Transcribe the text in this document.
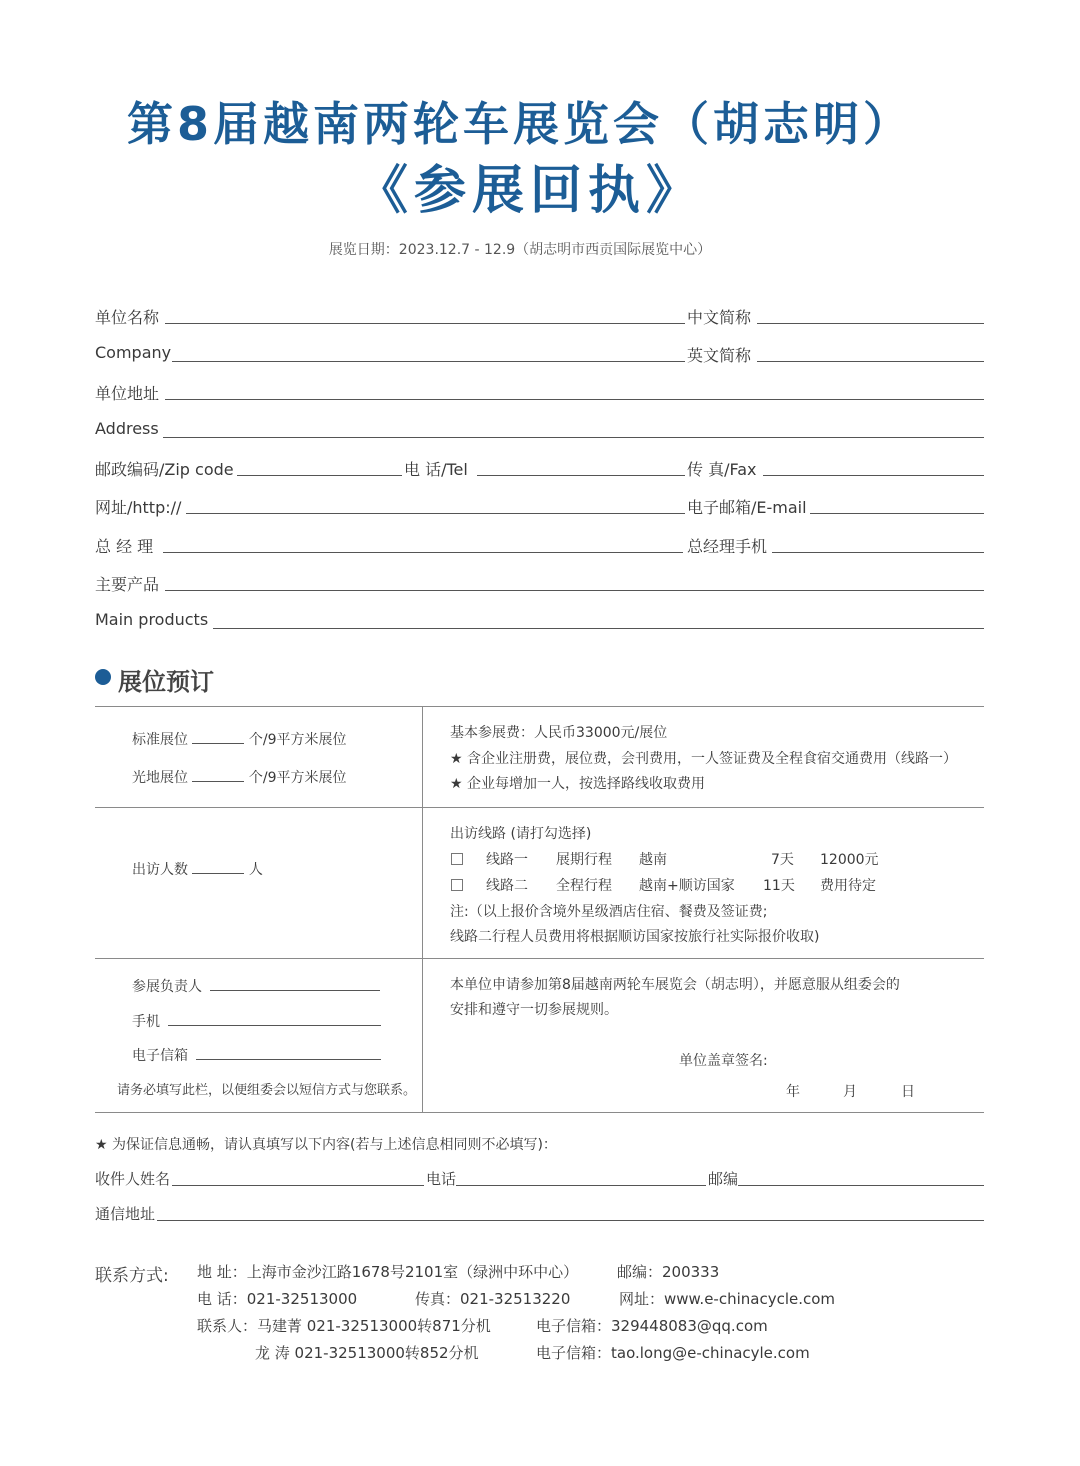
第8届越南两轮车展览会（胡志明）
《参展回执》
展览日期：2023.12.7 - 12.9（胡志明市西贡国际展览中心）
单位名称	中文简称
Company	英文简称
单位地址
Address
邮政编码/Zip code	电 话/Tel	传 真/Fax
网址/http://	电子邮箱/E-mail
总 经 理	总经理手机
主要产品
Main products
展位预订
标准展位	个/9平方米展位
光地展位	个/9平方米展位
基本参展费：人民币33000元/展位
★ 含企业注册费，展位费，会刊费用，一人签证费及全程食宿交通费用（线路一）
★ 企业每增加一人，按选择路线收取费用
出访人数	人
出访线路 (请打勾选择)
线路一 展期行程 越南	7天 12000元
线路二 全程行程 越南+顺访国家 11天 费用待定
注:（以上报价含境外星级酒店住宿、餐费及签证费;
线路二行程人员费用将根据顺访国家按旅行社实际报价收取)
参展负责人
手机
电子信箱
请务必填写此栏，以便组委会以短信方式与您联系。
本单位申请参加第8届越南两轮车展览会（胡志明），并愿意服从组委会的
安排和遵守一切参展规则。
单位盖章签名:
年	月	日
★ 为保证信息通畅，请认真填写以下内容(若与上述信息相同则不必填写)：
收件人姓名	电话	邮编
通信地址
联系方式: 地 址：上海市金沙江路1678号2101室（绿洲中环中心）	邮编：200333
电 话：021-32513000	传真：021-32513220	网址：www.e-chinacycle.com
联系人：马建菁 021-32513000转871分机	电子信箱：329448083@qq.com
龙 涛 021-32513000转852分机	电子信箱：tao.long@e-chinacyle.com
